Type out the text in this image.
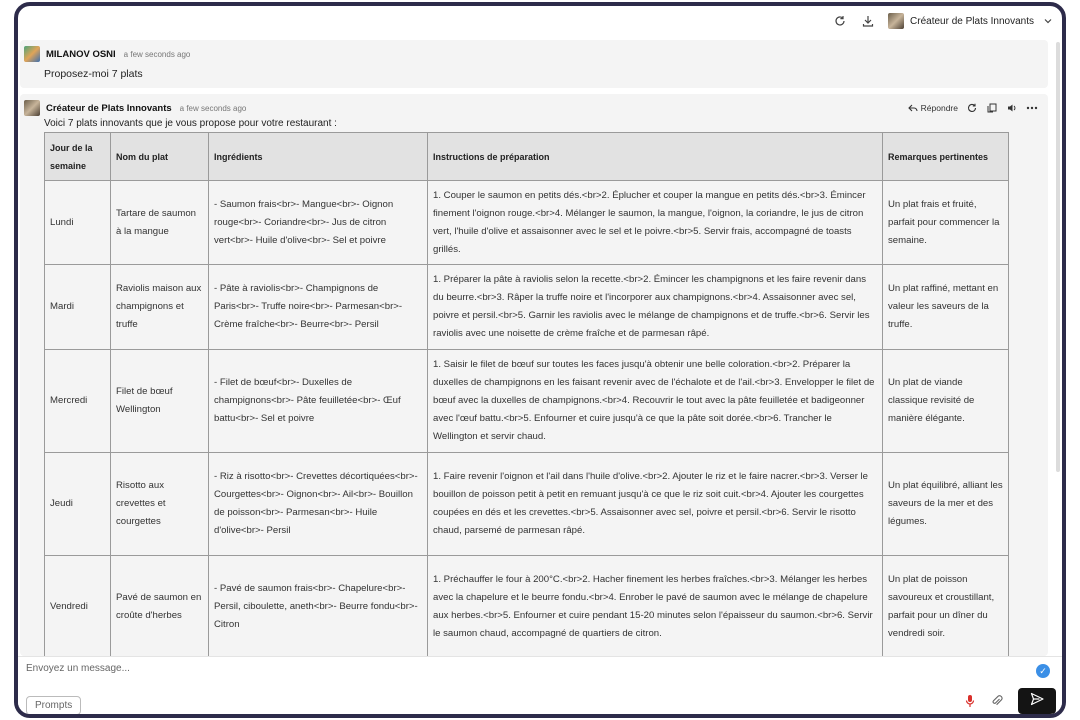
Créateur de Plats Innovants
MILANOV OSNI a few seconds ago
Proposez-moi 7 plats
Créateur de Plats Innovants a few seconds ago	Répondre
Voici 7 plats innovants que je vous propose pour votre restaurant :
Jour de la semaine	Nom du plat	Ingrédients	Instructions de préparation	Remarques pertinentes
Lundi	Tartare de saumon à la mangue	- Saumon frais<br>- Mangue<br>- Oignon rouge<br>- Coriandre<br>- Jus de citron vert<br>- Huile d'olive<br>- Sel et poivre	1. Couper le saumon en petits dés.<br>2. Éplucher et couper la mangue en petits dés.<br>3. Émincer finement l'oignon rouge.<br>4. Mélanger le saumon, la mangue, l'oignon, la coriandre, le jus de citron vert, l'huile d'olive et assaisonner avec le sel et le poivre.<br>5. Servir frais, accompagné de toasts grillés.	Un plat frais et fruité, parfait pour commencer la semaine.
Mardi	Raviolis maison aux champignons et truffe	- Pâte à raviolis<br>- Champignons de Paris<br>- Truffe noire<br>- Parmesan<br>- Crème fraîche<br>- Beurre<br>- Persil	1. Préparer la pâte à raviolis selon la recette.<br>2. Émincer les champignons et les faire revenir dans du beurre.<br>3. Râper la truffe noire et l'incorporer aux champignons.<br>4. Assaisonner avec sel, poivre et persil.<br>5. Garnir les raviolis avec le mélange de champignons et de truffe.<br>6. Servir les raviolis avec une noisette de crème fraîche et de parmesan râpé.	Un plat raffiné, mettant en valeur les saveurs de la truffe.
Mercredi	Filet de bœuf Wellington	- Filet de bœuf<br>- Duxelles de champignons<br>- Pâte feuilletée<br>- Œuf battu<br>- Sel et poivre	1. Saisir le filet de bœuf sur toutes les faces jusqu'à obtenir une belle coloration.<br>2. Préparer la duxelles de champignons en les faisant revenir avec de l'échalote et de l'ail.<br>3. Envelopper le filet de bœuf avec la duxelles de champignons.<br>4. Recouvrir le tout avec la pâte feuilletée et badigeonner avec l'œuf battu.<br>5. Enfourner et cuire jusqu'à ce que la pâte soit dorée.<br>6. Trancher le Wellington et servir chaud.	Un plat de viande classique revisité de manière élégante.
Jeudi	Risotto aux crevettes et courgettes	- Riz à risotto<br>- Crevettes décortiquées<br>- Courgettes<br>- Oignon<br>- Ail<br>- Bouillon de poisson<br>- Parmesan<br>- Huile d'olive<br>- Persil	1. Faire revenir l'oignon et l'ail dans l'huile d'olive.<br>2. Ajouter le riz et le faire nacrer.<br>3. Verser le bouillon de poisson petit à petit en remuant jusqu'à ce que le riz soit cuit.<br>4. Ajouter les courgettes coupées en dés et les crevettes.<br>5. Assaisonner avec sel, poivre et persil.<br>6. Servir le risotto chaud, parsemé de parmesan râpé.	Un plat équilibré, alliant les saveurs de la mer et des légumes.
Vendredi	Pavé de saumon en croûte d'herbes	- Pavé de saumon frais<br>- Chapelure<br>- Persil, ciboulette, aneth<br>- Beurre fondu<br>- Citron	1. Préchauffer le four à 200°C.<br>2. Hacher finement les herbes fraîches.<br>3. Mélanger les herbes avec la chapelure et le beurre fondu.<br>4. Enrober le pavé de saumon avec le mélange de chapelure aux herbes.<br>5. Enfourner et cuire pendant 15-20 minutes selon l'épaisseur du saumon.<br>6. Servir le saumon chaud, accompagné de quartiers de citron.	Un plat de poisson savoureux et croustillant, parfait pour un dîner du vendredi soir.
Envoyez un message...	✓
Prompts
